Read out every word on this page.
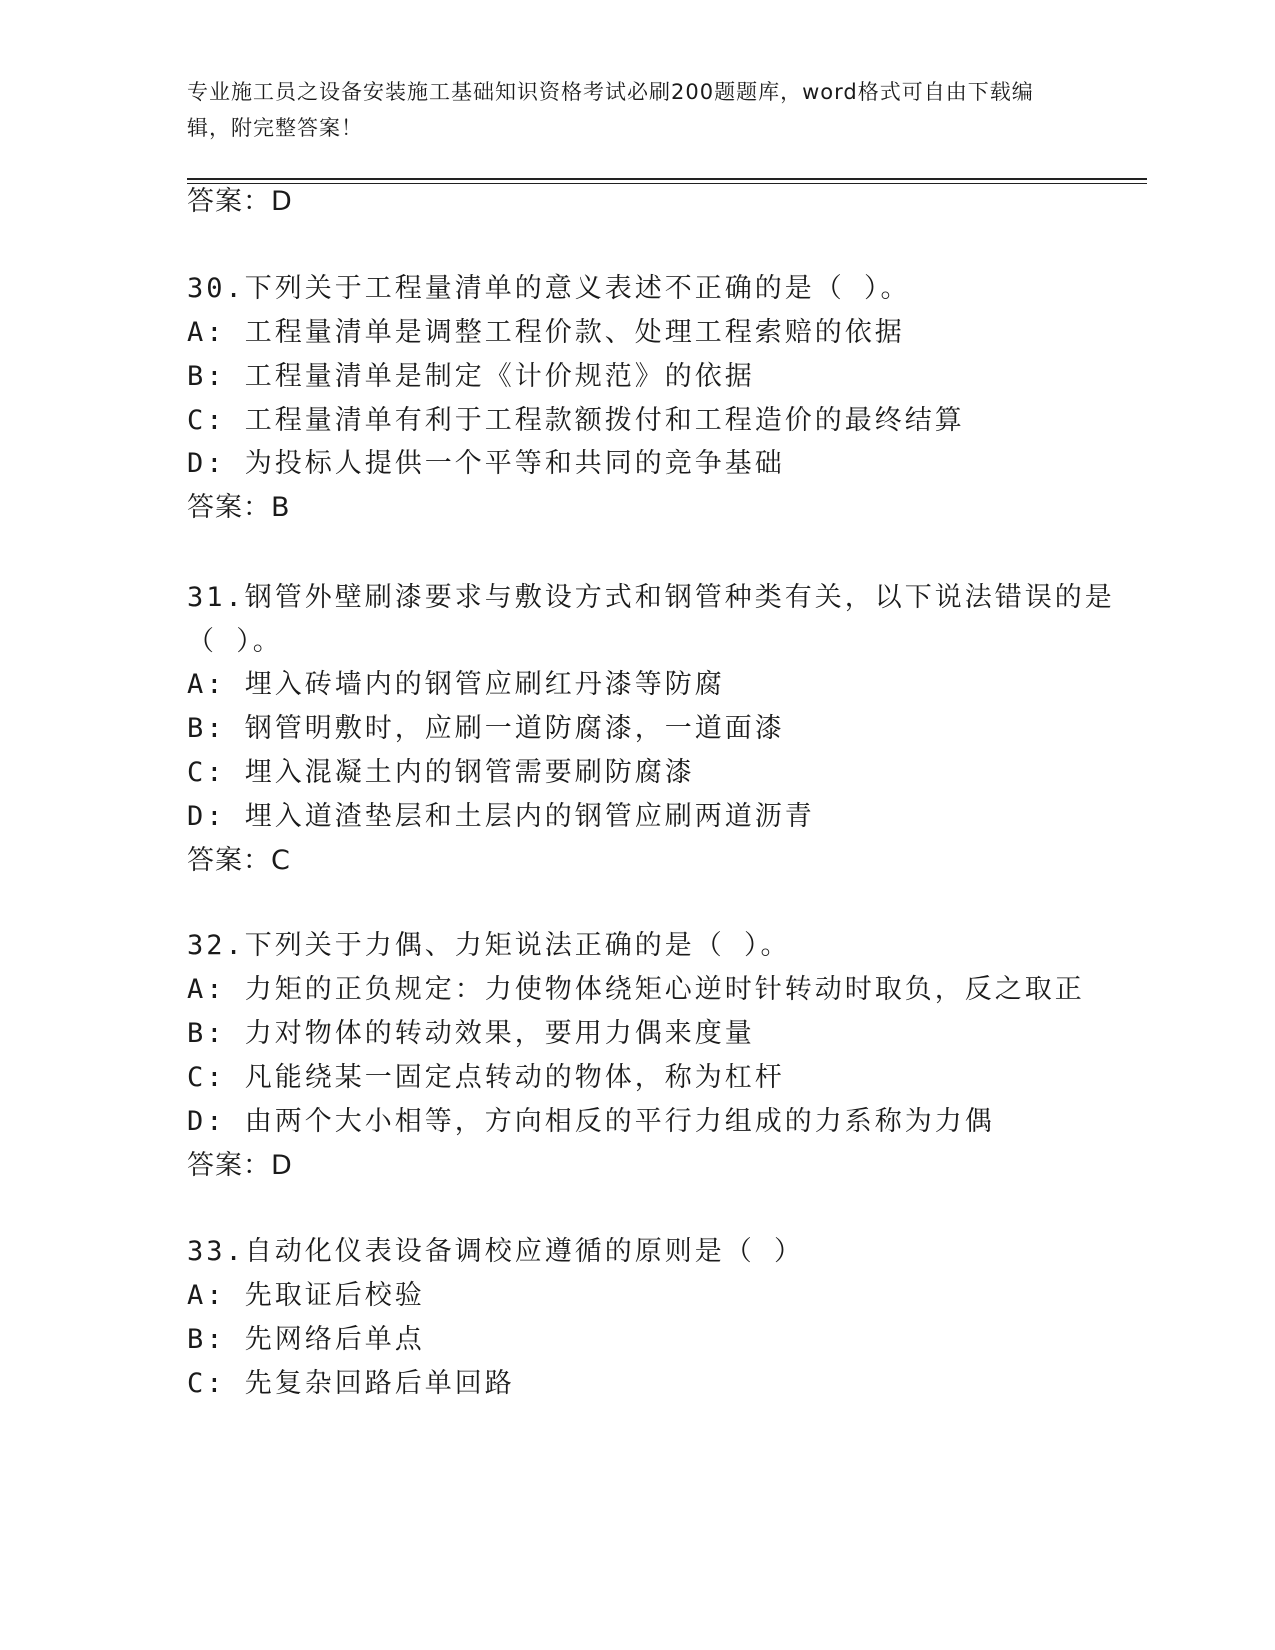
专业施工员之设备安装施工基础知识资格考试必刷200题题库，word格式可自由下载编辑，附完整答案！
答案：D
30.下列关于工程量清单的意义表述不正确的是（ ）。
A: 工程量清单是调整工程价款、处理工程索赔的依据
B: 工程量清单是制定《计价规范》的依据
C: 工程量清单有利于工程款额拨付和工程造价的最终结算
D: 为投标人提供一个平等和共同的竞争基础
答案：B
31.钢管外壁刷漆要求与敷设方式和钢管种类有关，以下说法错误的是
（ ）。
A: 埋入砖墙内的钢管应刷红丹漆等防腐
B: 钢管明敷时，应刷一道防腐漆，一道面漆
C: 埋入混凝土内的钢管需要刷防腐漆
D: 埋入道渣垫层和土层内的钢管应刷两道沥青
答案：C
32.下列关于力偶、力矩说法正确的是（ ）。
A: 力矩的正负规定：力使物体绕矩心逆时针转动时取负，反之取正
B: 力对物体的转动效果，要用力偶来度量
C: 凡能绕某一固定点转动的物体，称为杠杆
D: 由两个大小相等，方向相反的平行力组成的力系称为力偶
答案：D
33.自动化仪表设备调校应遵循的原则是（ ）
A: 先取证后校验
B: 先网络后单点
C: 先复杂回路后单回路
